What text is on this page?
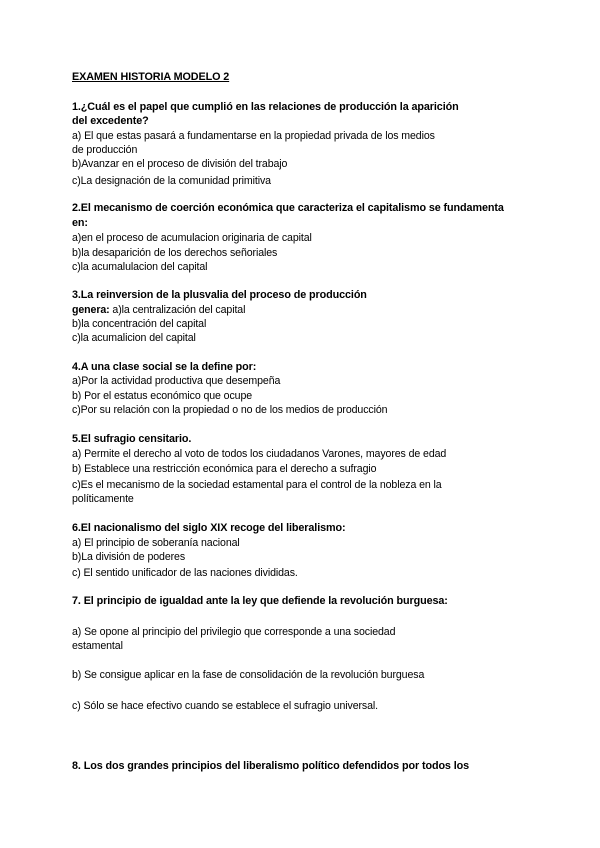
EXAMEN HISTORIA MODELO 2
1.¿Cuál es el papel que cumplió en las relaciones de producción la aparición
del excedente?
a) El que estas pasará a fundamentarse en la propiedad privada de los medios
de producción
b)Avanzar en el proceso de división del trabajo
c)La designación de la comunidad primitiva
2.El mecanismo de coerción económica que caracteriza el capitalismo se fundamenta
en:
a)en el proceso de acumulacion originaria de capital
b)la desaparición de los derechos señoriales
c)la acumalulacion del capital
3.La reinversion de la plusvalia del proceso de producción
genera: a)la centralización del capital
b)la concentración del capital
c)la acumalicion del capital
4.A una clase social se la define por:
a)Por la actividad productiva que desempeña
b) Por el estatus económico que ocupe
c)Por su relación con la propiedad o no de los medios de producción
5.El sufragio censitario.
a) Permite el derecho al voto de todos los ciudadanos Varones, mayores de edad
b) Establece una restricción económica para el derecho a sufragio
c)Es el mecanismo de la sociedad estamental para el control de la nobleza en la
políticamente
6.El nacionalismo del siglo XIX recoge del liberalismo:
a) El principio de soberanía nacional
b)La división de poderes
c) El sentido unificador de las naciones divididas.
7. El principio de igualdad ante la ley que defiende la revolución burguesa:
a) Se opone al principio del privilegio que corresponde a una sociedad
estamental
b) Se consigue aplicar en la fase de consolidación de la revolución burguesa
c) Sólo se hace efectivo cuando se establece el sufragio universal.
8. Los dos grandes principios del liberalismo político defendidos por todos los
